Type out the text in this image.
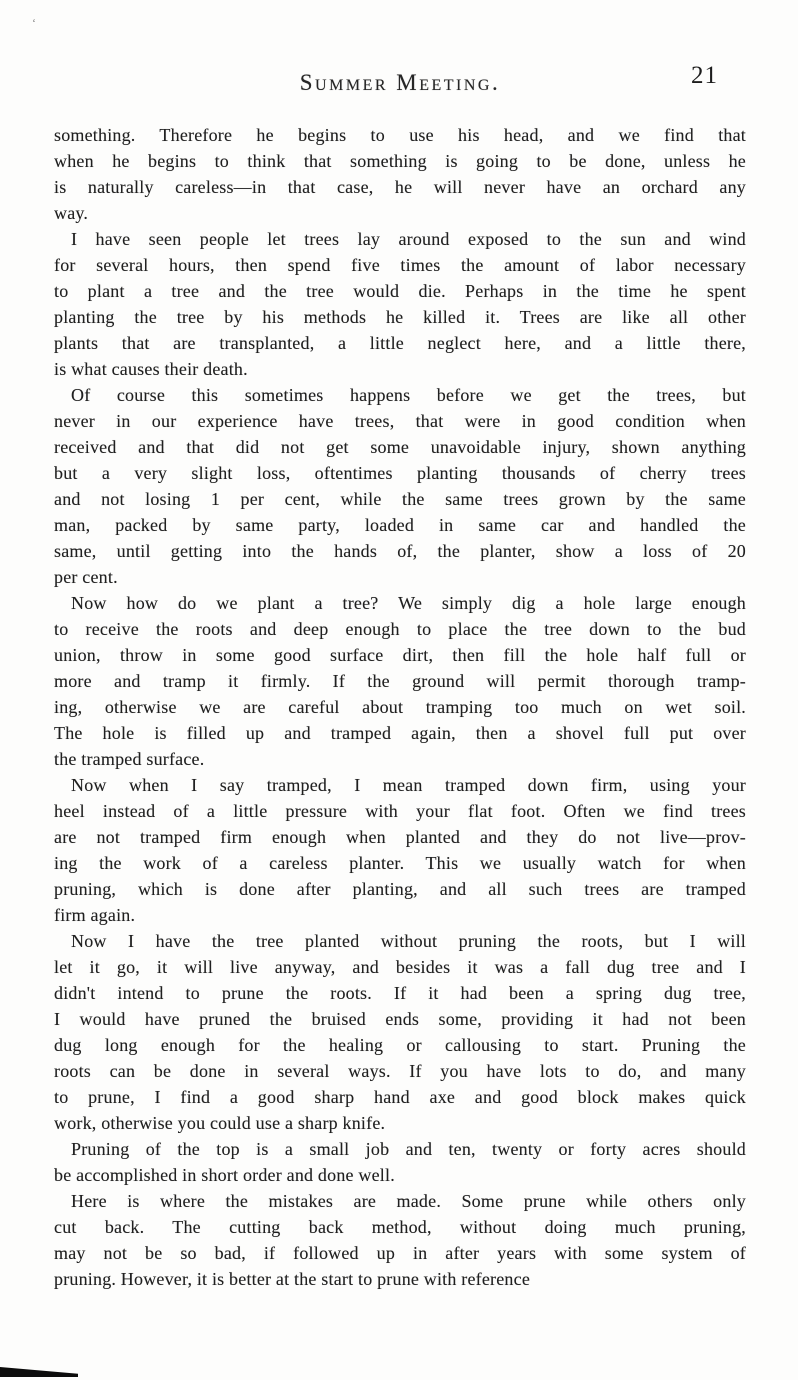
‘
Summer Meeting.	21
something. Therefore he begins to use his head, and we find that
when he begins to think that something is going to be done, unless he
is naturally careless—in that case, he will never have an orchard any
way.
I have seen people let trees lay around exposed to the sun and wind
for several hours, then spend five times the amount of labor necessary
to plant a tree and the tree would die. Perhaps in the time he spent
planting the tree by his methods he killed it. Trees are like all other
plants that are transplanted, a little neglect here, and a little there,
is what causes their death.
Of course this sometimes happens before we get the trees, but
never in our experience have trees, that were in good condition when
received and that did not get some unavoidable injury, shown anything
but a very slight loss, oftentimes planting thousands of cherry trees
and not losing 1 per cent, while the same trees grown by the same
man, packed by same party, loaded in same car and handled the
same, until getting into the hands of, the planter, show a loss of 20
per cent.
Now how do we plant a tree? We simply dig a hole large enough
to receive the roots and deep enough to place the tree down to the bud
union, throw in some good surface dirt, then fill the hole half full or
more and tramp it firmly. If the ground will permit thorough tramp-
ing, otherwise we are careful about tramping too much on wet soil.
The hole is filled up and tramped again, then a shovel full put over
the tramped surface.
Now when I say tramped, I mean tramped down firm, using your
heel instead of a little pressure with your flat foot. Often we find trees
are not tramped firm enough when planted and they do not live—prov-
ing the work of a careless planter. This we usually watch for when
pruning, which is done after planting, and all such trees are tramped
firm again.
Now I have the tree planted without pruning the roots, but I will
let it go, it will live anyway, and besides it was a fall dug tree and I
didn't intend to prune the roots. If it had been a spring dug tree,
I would have pruned the bruised ends some, providing it had not been
dug long enough for the healing or callousing to start. Pruning the
roots can be done in several ways. If you have lots to do, and many
to prune, I find a good sharp hand axe and good block makes quick
work, otherwise you could use a sharp knife.
Pruning of the top is a small job and ten, twenty or forty acres should
be accomplished in short order and done well.
Here is where the mistakes are made. Some prune while others only
cut back. The cutting back method, without doing much pruning,
may not be so bad, if followed up in after years with some system of
pruning. However, it is better at the start to prune with reference
